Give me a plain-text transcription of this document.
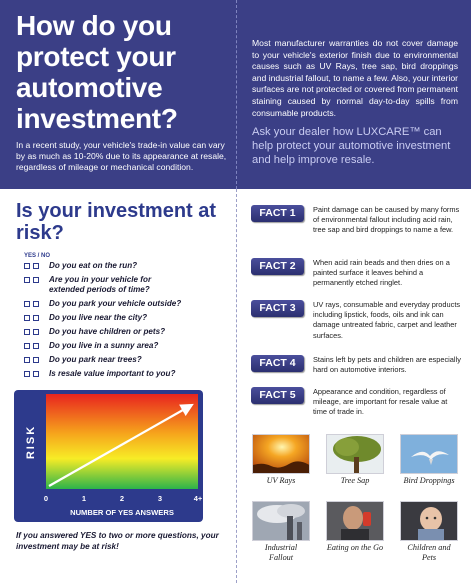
How do you protect your automotive investment?

In a recent study, your vehicle's trade-in value can vary by as much as 10-20% due to its appearance at resale, regardless of mileage or mechanical condition.

Most manufacturer warranties do not cover damage to your vehicle's exterior finish due to environmental causes such as UV Rays, tree sap, bird droppings and industrial fallout, to name a few. Also, your interior surfaces are not protected or covered from permanent staining caused by normal day-to-day spills from consumable products.

Ask your dealer how LUXCARE™ can help protect your automotive investment and help improve resale.

Is your investment at risk?
YES / NO
Do you eat on the run?
Are you in your vehicle for extended periods of time?
Do you park your vehicle outside?
Do you live near the city?
Do you have children or pets?
Do you live in a sunny area?
Do you park near trees?
Is resale value important to you?
RISK
0	1	2	3	4+
NUMBER OF YES ANSWERS

If you answered YES to two or more questions, your investment may be at risk!

FACT 1	Paint damage can be caused by many forms of environmental fallout including acid rain, tree sap and bird droppings to name a few.
FACT 2	When acid rain beads and then dries on a painted surface it leaves behind a permanently etched ringlet.
FACT 3	UV rays, consumable and everyday products including lipstick, foods, oils and ink can damage untreated fabric, carpet and leather surfaces.
FACT 4	Stains left by pets and children are especially hard on automotive interiors.
FACT 5	Appearance and condition, regardless of mileage, are important for resale value at time of trade in.
UV Rays	Tree Sap	Bird Droppings
Industrial Fallout
Eating on the Go	Children and Pets
